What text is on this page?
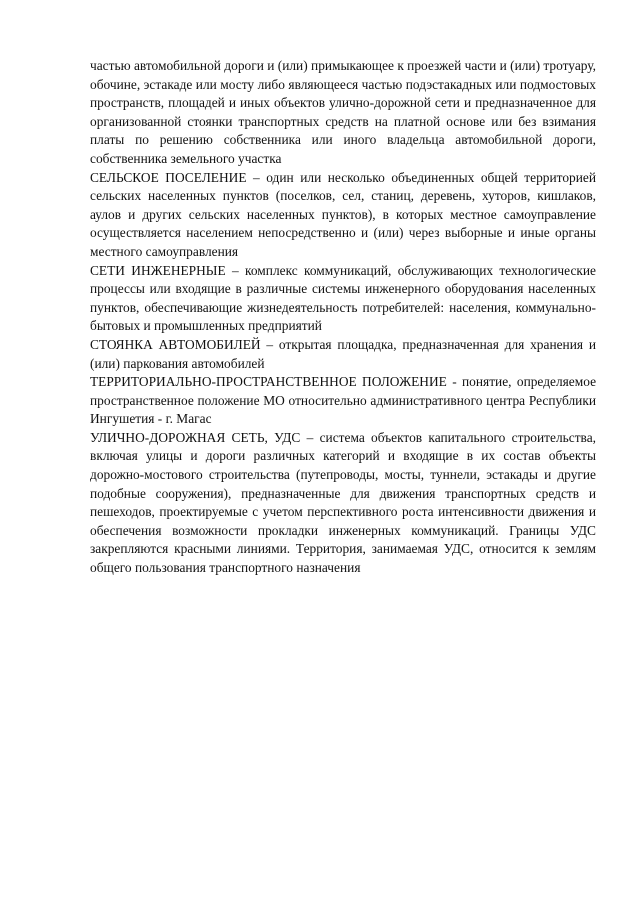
частью автомобильной дороги и (или) примыкающее к проезжей части и (или) тротуару, обочине, эстакаде или мосту либо являющееся частью подэстакадных или подмостовых пространств, площадей и иных объектов улично-дорожной сети и предназначенное для организованной стоянки транспортных средств на платной основе или без взимания платы по решению собственника или иного владельца автомобильной дороги, собственника земельного участка

СЕЛЬСКОЕ ПОСЕЛЕНИЕ – один или несколько объединенных общей территорией сельских населенных пунктов (поселков, сел, станиц, деревень, хуторов, кишлаков, аулов и других сельских населенных пунктов), в которых местное самоуправление осуществляется населением непосредственно и (или) через выборные и иные органы местного самоуправления

СЕТИ ИНЖЕНЕРНЫЕ – комплекс коммуникаций, обслуживающих технологические процессы или входящие в различные системы инженерного оборудования населенных пунктов, обеспечивающие жизнедеятельность потребителей: населения, коммунально-бытовых и промышленных предприятий

СТОЯНКА АВТОМОБИЛЕЙ – открытая площадка, предназначенная для хранения и (или) паркования автомобилей

ТЕРРИТОРИАЛЬНО-ПРОСТРАНСТВЕННОЕ ПОЛОЖЕНИЕ - понятие, определяемое пространственное положение МО относительно административного центра Республики Ингушетия - г. Магас

УЛИЧНО-ДОРОЖНАЯ СЕТЬ, УДС – система объектов капитального строительства, включая улицы и дороги различных категорий и входящие в их состав объекты дорожно-мостового строительства (путепроводы, мосты, туннели, эстакады и другие подобные сооружения), предназначенные для движения транспортных средств и пешеходов, проектируемые с учетом перспективного роста интенсивности движения и обеспечения возможности прокладки инженерных коммуникаций. Границы УДС закрепляются красными линиями. Территория, занимаемая УДС, относится к землям общего пользования транспортного назначения
